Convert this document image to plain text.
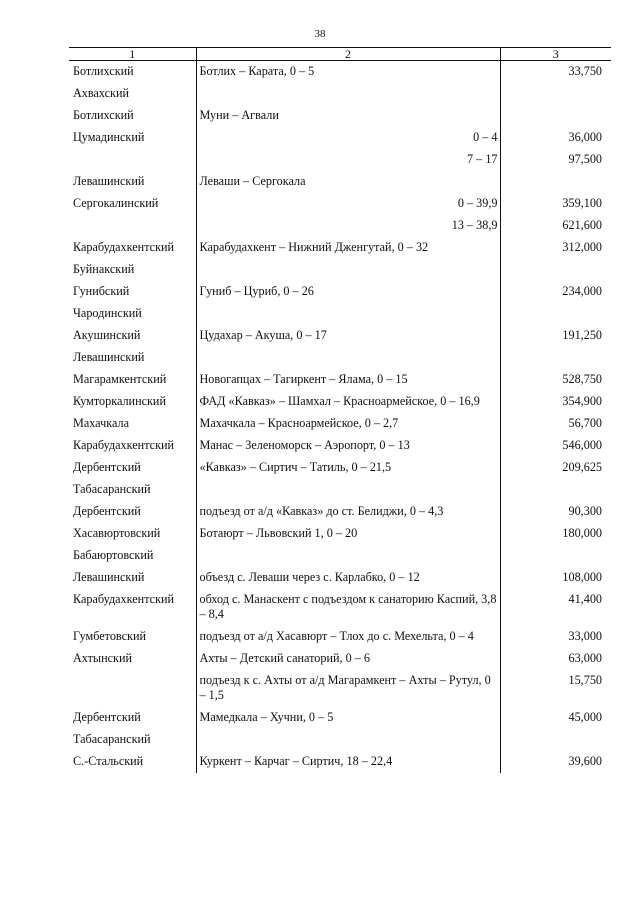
38
1	2	3
Ботлихский	Ботлих – Карата, 0 – 5	33,750
Ахвахский		
Ботлихский	Муни – Агвали	
Цумадинский	0 – 4	36,000
	7 – 17	97,500
Левашинский	Леваши – Сергокала	
Сергокалинский	0 – 39,9	359,100
	13 – 38,9	621,600
Карабудахкентский	Карабудахкент – Нижний Дженгутай, 0 – 32	312,000
Буйнакский		
Гунибский	Гуниб – Цуриб, 0 – 26	234,000
Чародинский		
Акушинский	Цудахар – Акуша, 0 – 17	191,250
Левашинский		
Магарамкентский	Новогапцах – Тагиркент – Ялама, 0 – 15	528,750
Кумторкалинский	ФАД «Кавказ» – Шамхал – Красноармейское, 0 – 16,9	354,900
Махачкала	Махачкала – Красноармейское, 0 – 2,7	56,700
Карабудахкентский	Манас – Зеленоморск – Аэропорт, 0 – 13	546,000
Дербентский	«Кавказ» – Сиртич – Татиль, 0 – 21,5	209,625
Табасаранский		
Дербентский	подъезд от а/д «Кавказ» до ст. Белиджи, 0 – 4,3	90,300
Хасавюртовский	Ботаюрт – Львовский 1, 0 – 20	180,000
Бабаюртовский		
Левашинский	объезд с. Леваши через с. Карлабко, 0 – 12	108,000
Карабудахкентский	обход с. Манаскент с подъездом к санаторию Каспий, 3,8 – 8,4	41,400
Гумбетовский	подъезд от а/д Хасавюрт – Тлох до с. Мехельта, 0 – 4	33,000
Ахтынский	Ахты – Детский санаторий, 0 – 6	63,000
	подъезд к с. Ахты от а/д Магарамкент – Ахты – Рутул, 0 – 1,5	15,750
Дербентский	Мамедкала – Хучни, 0 – 5	45,000
Табасаранский		
С.-Стальский	Куркент – Карчаг – Сиртич, 18 – 22,4	39,600
